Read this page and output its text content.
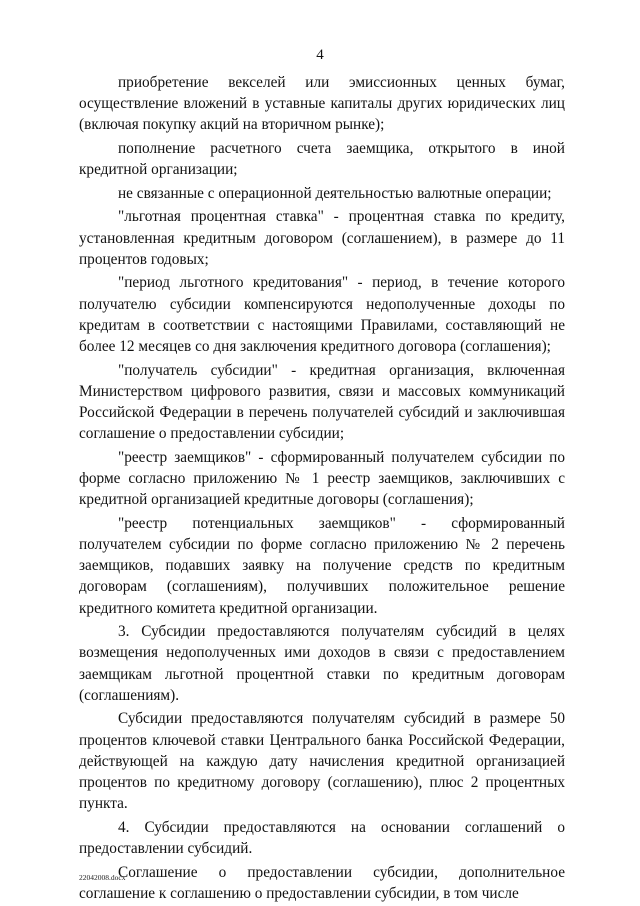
4

приобретение векселей или эмиссионных ценных бумаг, осуществление вложений в уставные капиталы других юридических лиц (включая покупку акций на вторичном рынке);

пополнение расчетного счета заемщика, открытого в иной кредитной организации;

не связанные с операционной деятельностью валютные операции;

"льготная процентная ставка" - процентная ставка по кредиту, установленная кредитным договором (соглашением), в размере до 11 процентов годовых;

"период льготного кредитования" - период, в течение которого получателю субсидии компенсируются недополученные доходы по кредитам в соответствии с настоящими Правилами, составляющий не более 12 месяцев со дня заключения кредитного договора (соглашения);

"получатель субсидии" - кредитная организация, включенная Министерством цифрового развития, связи и массовых коммуникаций Российской Федерации в перечень получателей субсидий и заключившая соглашение о предоставлении субсидии;

"реестр заемщиков" - сформированный получателем субсидии по форме согласно приложению № 1 реестр заемщиков, заключивших с кредитной организацией кредитные договоры (соглашения);

"реестр потенциальных заемщиков" - сформированный получателем субсидии по форме согласно приложению № 2 перечень заемщиков, подавших заявку на получение средств по кредитным договорам (соглашениям), получивших положительное решение кредитного комитета кредитной организации.

3. Субсидии предоставляются получателям субсидий в целях возмещения недополученных ими доходов в связи с предоставлением заемщикам льготной процентной ставки по кредитным договорам (соглашениям).

Субсидии предоставляются получателям субсидий в размере 50 процентов ключевой ставки Центрального банка Российской Федерации, действующей на каждую дату начисления кредитной организацией процентов по кредитному договору (соглашению), плюс 2 процентных пункта.

4. Субсидии предоставляются на основании соглашений о предоставлении субсидий.

Соглашение о предоставлении субсидии, дополнительное соглашение к соглашению о предоставлении субсидии, в том числе

22042008.docx
